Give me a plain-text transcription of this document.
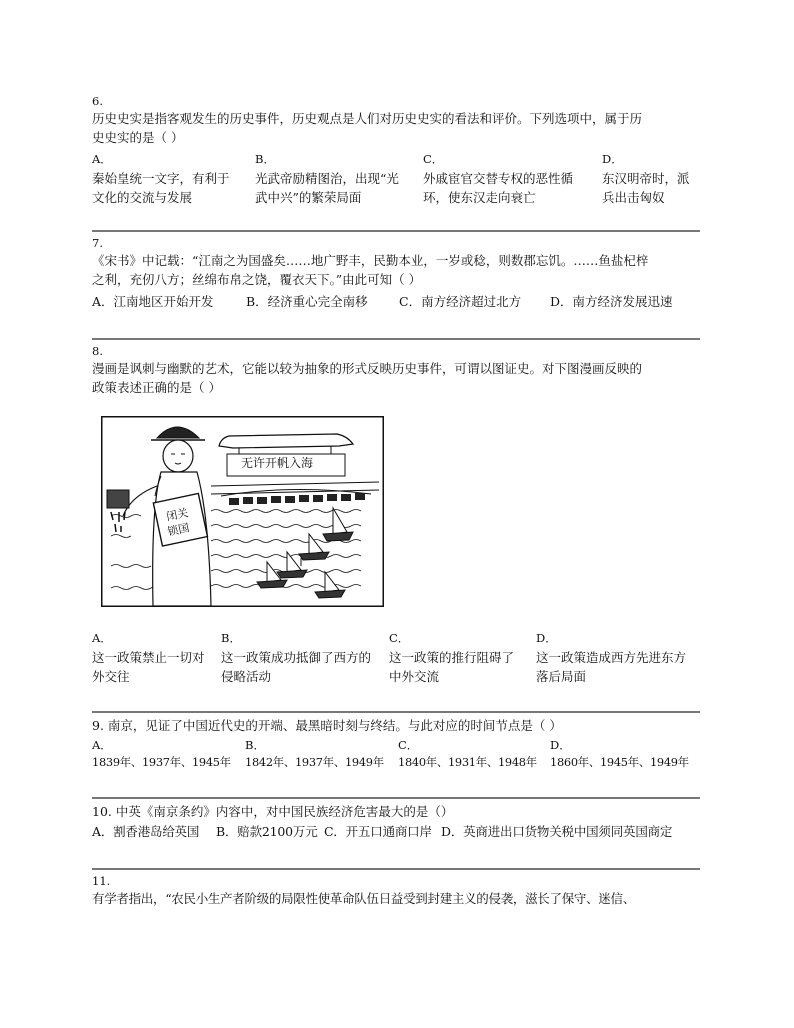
6.
历史史实是指客观发生的历史事件，历史观点是人们对历史史实的看法和评价。下列选项中，属于历
史史实的是（ ）
A．
秦始皇统一文字，有利于
文化的交流与发展
B．
光武帝励精图治，出现“光
武中兴”的繁荣局面
C．
外戚宦官交替专权的恶性循
环，使东汉走向衰亡
D．
东汉明帝时，派
兵出击匈奴
7.
《宋书》中记载：“江南之为国盛矣……地广野丰，民勤本业，一岁或稔，则数郡忘饥。……鱼盐杞梓
之利，充仞八方；丝绵布帛之饶，覆衣天下。”由此可知（ ）
A．江南地区开始开发	B．经济重心完全南移	C．南方经济超过北方 D．南方经济发展迅速
8.
漫画是讽刺与幽默的艺术，它能以较为抽象的形式反映历史事件，可谓以图证史。对下图漫画反映的
政策表述正确的是（ ）
无许开帆入海
闭关锁国
A．
这一政策禁止一切对
外交往
B．
这一政策成功抵御了西方的
侵略活动
C．
这一政策的推行阻碍了
中外交流
D．
这一政策造成西方先进东方
落后局面
9. 南京，见证了中国近代史的开端、最黑暗时刻与终结。与此对应的时间节点是（ ）
A．	B．	C．	D．
1839年、1937年、1945年 1842年、1937年、1949年 1840年、1931年、1948年 1860年、1945年、1949年
10. 中英《南京条约》内容中，对中国民族经济危害最大的是（）
A．割香港岛给英国 B．赔款2100万元 C．开五口通商口岸 D．英商进出口货物关税中国须同英国商定
11.
有学者指出，“农民小生产者阶级的局限性使革命队伍日益受到封建主义的侵袭，滋长了保守、迷信、
